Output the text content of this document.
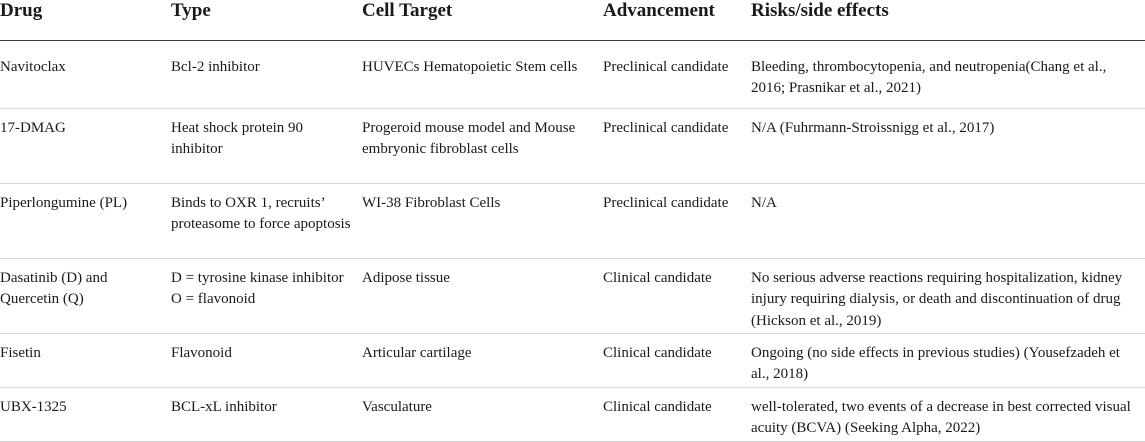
Drug	Type	Cell Target	Advancement	Risks/side effects
Navitoclax	Bcl-2 inhibitor	HUVECs Hematopoietic Stem cells	Preclinical candidate	Bleeding, thrombocytopenia, and neutropenia(Chang et al., 2016; Prasnikar et al., 2021)
17-DMAG	Heat shock protein 90 inhibitor	Progeroid mouse model and Mouse embryonic fibroblast cells	Preclinical candidate	N/A (Fuhrmann-Stroissnigg et al., 2017)
Piperlongumine (PL)	Binds to OXR 1, recruits’ proteasome to force apoptosis	WI-38 Fibroblast Cells	Preclinical candidate	N/A
Dasatinib (D) and Quercetin (Q)	D = tyrosine kinase inhibitor O = flavonoid	Adipose tissue	Clinical candidate	No serious adverse reactions requiring hospitalization, kidney injury requiring dialysis, or death and discontinuation of drug (Hickson et al., 2019)
Fisetin	Flavonoid	Articular cartilage	Clinical candidate	Ongoing (no side effects in previous studies) (Yousefzadeh et al., 2018)
UBX-1325	BCL-xL inhibitor	Vasculature	Clinical candidate	well-tolerated, two events of a decrease in best corrected visual acuity (BCVA) (Seeking Alpha, 2022)
